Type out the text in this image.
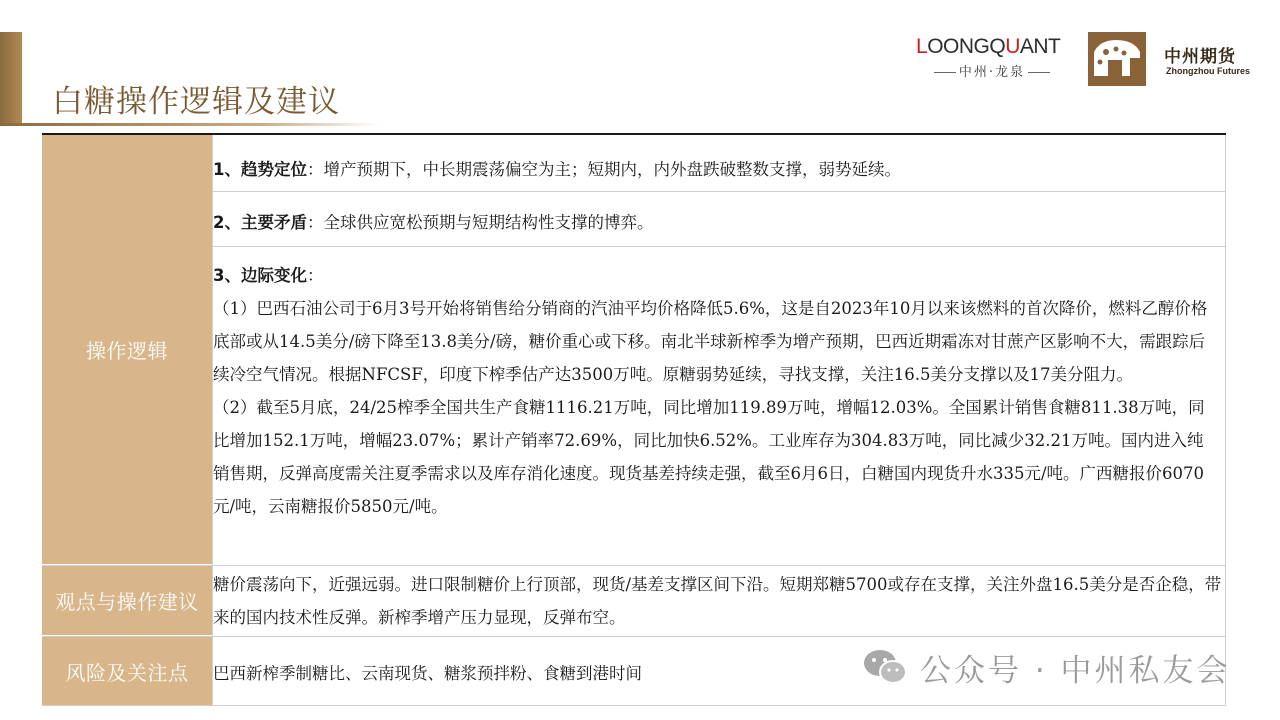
白糖操作逻辑及建议
LOONGQUANT
中州·龙泉
中州期货
Zhongzhou Futures
操作逻辑
1、趋势定位：增产预期下，中长期震荡偏空为主；短期内，内外盘跌破整数支撑，弱势延续。
2、主要矛盾：全球供应宽松预期与短期结构性支撑的博弈。
3、边际变化：

（1）巴西石油公司于6月3号开始将销售给分销商的汽油平均价格降低5.6%，这是自2023年10月以来该燃料的首次降价，燃料乙醇价格底部或从14.5美分/磅下降至13.8美分/磅，糖价重心或下移。南北半球新榨季为增产预期，巴西近期霜冻对甘蔗产区影响不大，需跟踪后续冷空气情况。根据NFCSF，印度下榨季估产达3500万吨。原糖弱势延续，寻找支撑，关注16.5美分支撑以及17美分阻力。

（2）截至5月底，24/25榨季全国共生产食糖1116.21万吨，同比增加119.89万吨，增幅12.03%。全国累计销售食糖811.38万吨，同比增加152.1万吨，增幅23.07%；累计产销率72.69%，同比加快6.52%。工业库存为304.83万吨，同比减少32.21万吨。国内进入纯销售期，反弹高度需关注夏季需求以及库存消化速度。现货基差持续走强，截至6月6日，白糖国内现货升水335元/吨。广西糖报价6070元/吨，云南糖报价5850元/吨。

观点与操作建议
糖价震荡向下，近强远弱。进口限制糖价上行顶部，现货/基差支撑区间下沿。短期郑糖5700或存在支撑，关注外盘16.5美分是否企稳，带来的国内技术性反弹。新榨季增产压力显现，反弹布空。
风险及关注点	巴西新榨季制糖比、云南现货、糖浆预拌粉、食糖到港时间	公众号 · 中州私友会
